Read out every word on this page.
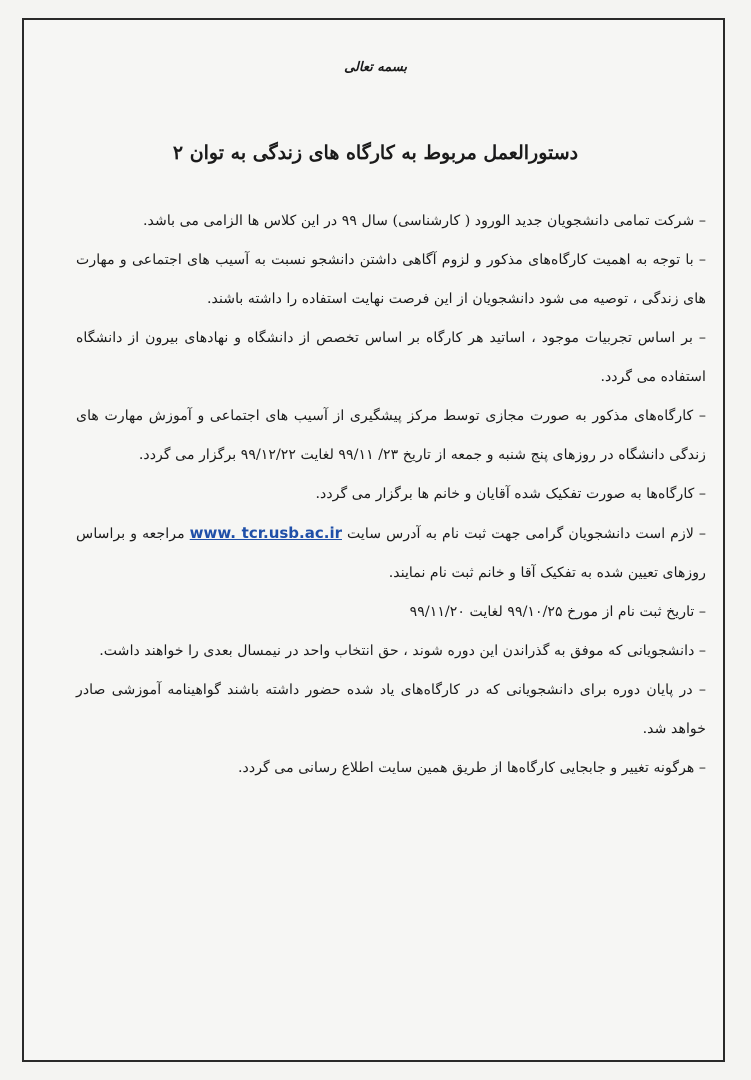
بسمه تعالی
دستورالعمل مربوط به کارگاه های زندگی به توان ۲

– شرکت تمامی دانشجویان جدید الورود ( کارشناسی) سال ۹۹ در این کلاس ها الزامی می باشد.

– با توجه به اهمیت کارگاه‌های مذکور و لزوم آگاهی داشتن دانشجو نسبت به آسیب های اجتماعی و مهارت های زندگی ، توصیه می شود دانشجویان از این فرصت نهایت استفاده را داشته باشند.

– بر اساس تجربیات موجود ، اساتید هر کارگاه بر اساس تخصص از دانشگاه و نهادهای بیرون از دانشگاه استفاده می گردد.

– کارگاه‌های مذکور به صورت مجازی توسط مرکز پیشگیری از آسیب های اجتماعی و آموزش مهارت های زندگی دانشگاه در روزهای پنج شنبه و جمعه از تاریخ ۲۳/ ۹۹/۱۱ لغایت ۹۹/۱۲/۲۲ برگزار می گردد.

– کارگاه‌ها به صورت تفکیک شده آقایان و خانم ها برگزار می گردد.

– لازم است دانشجویان گرامی جهت ثبت نام به آدرس سایت www. tcr.usb.ac.ir مراجعه و براساس روزهای تعیین شده به تفکیک آقا و خانم ثبت نام نمایند.

– تاریخ ثبت نام از مورخ ۹۹/۱۰/۲۵ لغایت ۹۹/۱۱/۲۰

– دانشجویانی که موفق به گذراندن این دوره شوند ، حق انتخاب واحد در نیمسال بعدی را خواهند داشت.

– در پایان دوره برای دانشجویانی که در کارگاه‌های یاد شده حضور داشته باشند گواهینامه آموزشی صادر خواهد شد.

– هرگونه تغییر و جابجایی کارگاه‌ها از طریق همین سایت اطلاع رسانی می گردد.
